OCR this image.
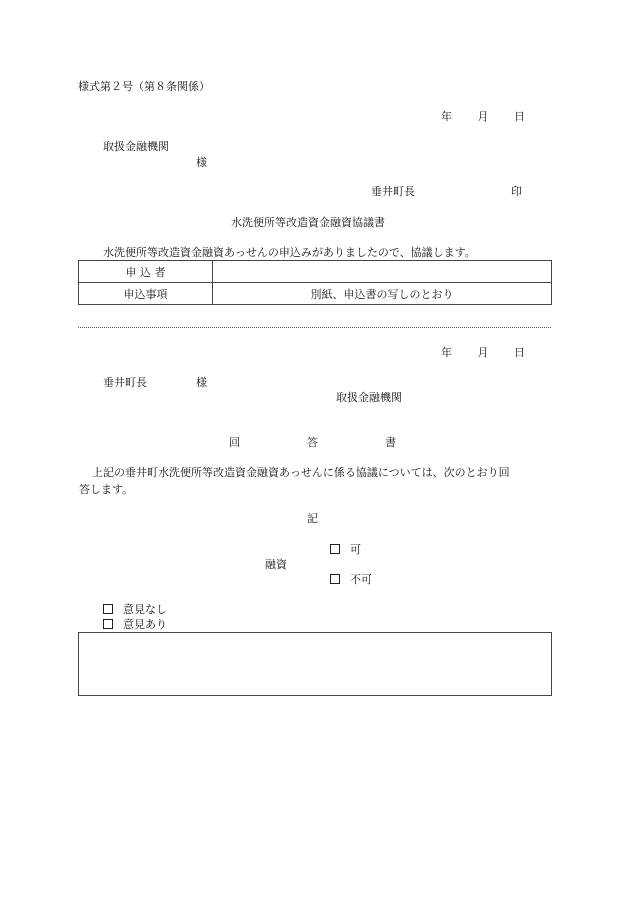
様式第２号（第８条関係）
年 月 日
取扱金融機関
様
垂井町長	印
水洗便所等改造資金融資協議書
水洗便所等改造資金融資あっせんの申込みがありましたので、協議します。
申 込 者	
申込事項	別紙、申込書の写しのとおり
年 月 日
垂井町長	様
取扱金融機関
回	答	書
上記の垂井町水洗便所等改造資金融資あっせんに係る協議については、次のとおり回
答します。
記
可
融資
不可
意見なし
意見あり
